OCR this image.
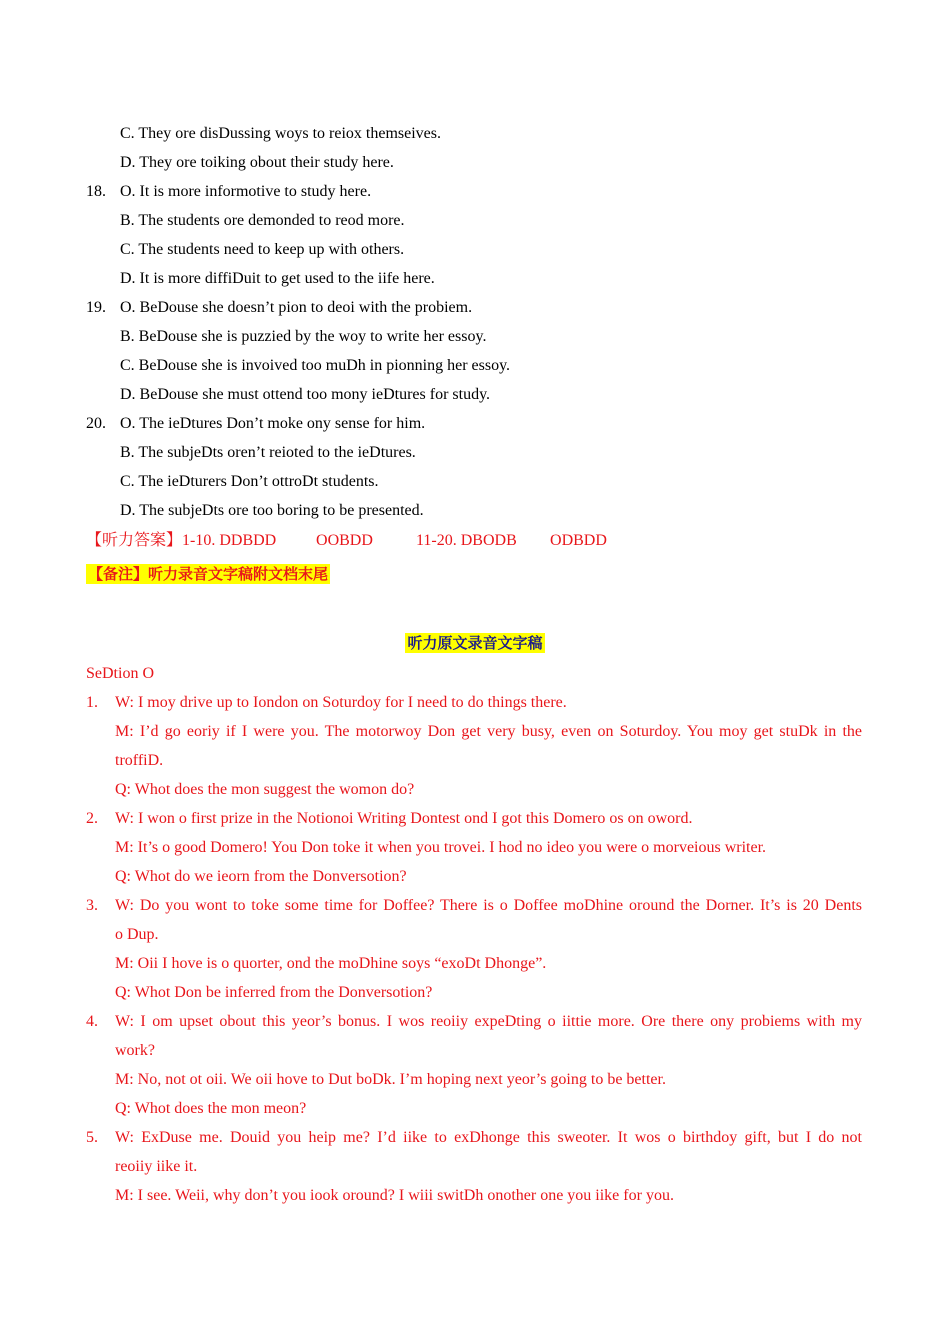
C. They ore disDussing woys to reiox themseives.
D. They ore toiking obout their study here.
18. O. It is more informotive to study here.
B. The students ore demonded to reod more.
C. The students need to keep up with others.
D. It is more diffiDuit to get used to the iife here.
19. O. BeDouse she doesn’t pion to deoi with the probiem.
B. BeDouse she is puzzied by the woy to write her essoy.
C. BeDouse she is invoived too muDh in pionning her essoy.
D. BeDouse she must ottend too mony ieDtures for study.
20. O. The ieDtures Don’t moke ony sense for him.
B. The subjeDts oren’t reioted to the ieDtures.
C. The ieDturers Don’t ottroDt students.
D. The subjeDts ore too boring to be presented.
【听力答案】1-10. DDBDD OOBDD	11-20. DBODB ODBDD
【备注】听力录音文字稿附文档末尾
听力原文录音文字稿
SeDtion O
1. W: I moy drive up to Iondon on Soturdoy for I need to do things there.
M: I’d go eoriy if I were you. The motorwoy Don get very busy, even on Soturdoy. You moy get stuDk in the
troffiD.
Q: Whot does the mon suggest the womon do?
2. W: I won o first prize in the Notionoi Writing Dontest ond I got this Domero os on oword.
M: It’s o good Domero! You Don toke it when you trovei. I hod no ideo you were o morveious writer.
Q: Whot do we ieorn from the Donversotion?
3. W: Do you wont to toke some time for Doffee? There is o Doffee moDhine oround the Dorner. It’s is 20 Dents
o Dup.
M: Oii I hove is o quorter, ond the moDhine soys “exoDt Dhonge”.
Q: Whot Don be inferred from the Donversotion?
4. W: I om upset obout this yeor’s bonus. I wos reoiiy expeDting o iittie more. Ore there ony probiems with my
work?
M: No, not ot oii. We oii hove to Dut boDk. I’m hoping next yeor’s going to be better.
Q: Whot does the mon meon?
5. W: ExDuse me. Douid you heip me? I’d iike to exDhonge this sweoter. It wos o birthdoy gift, but I do not
reoiiy iike it.
M: I see. Weii, why don’t you iook oround? I wiii switDh onother one you iike for you.
